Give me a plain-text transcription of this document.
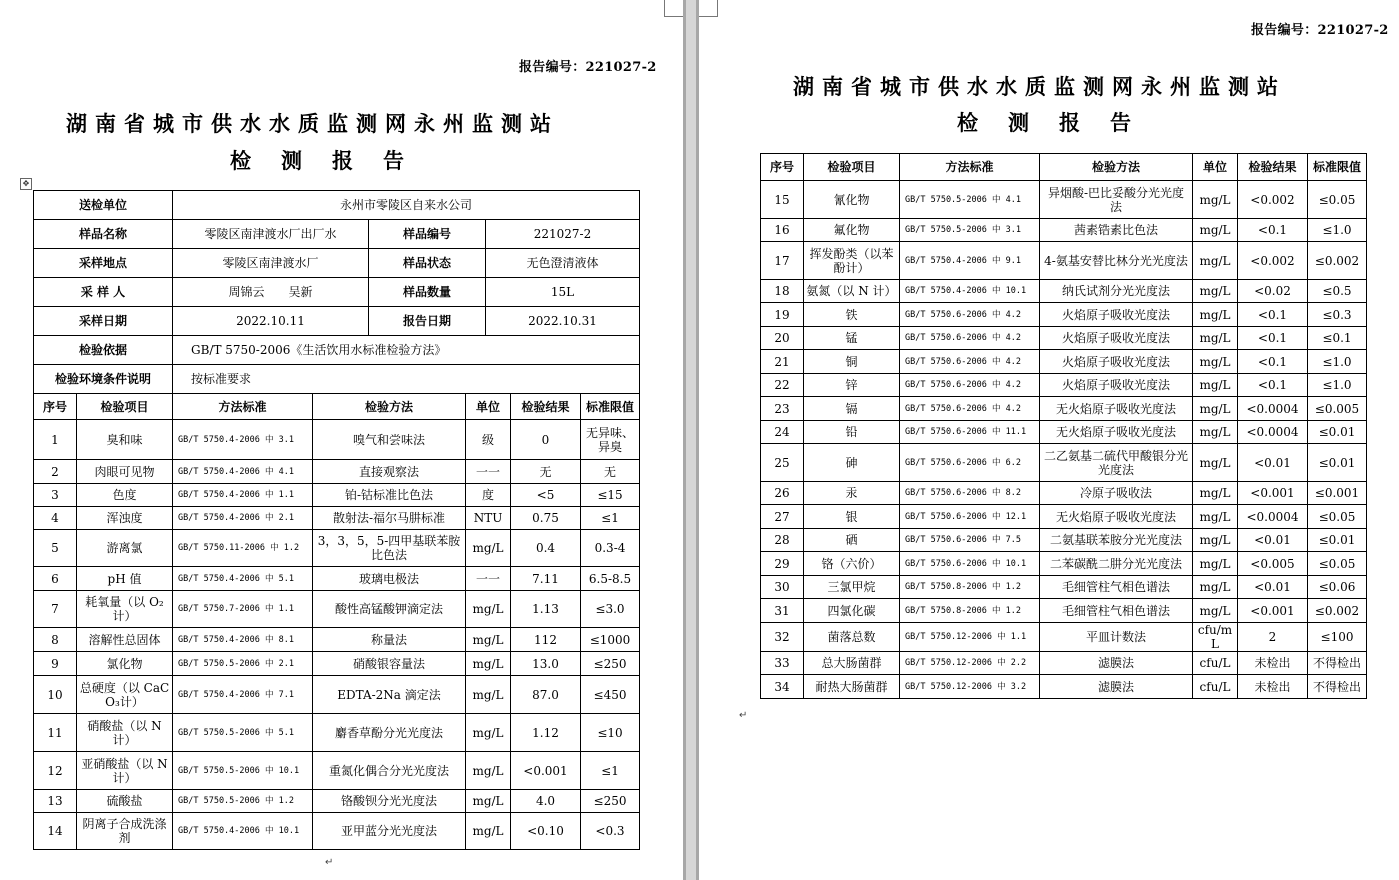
报告编号：221027-2
湖南省城市供水水质监测网永州监测站
检测报告
✥
送检单位	永州市零陵区自来水公司		
样品名称	零陵区南津渡水厂出厂水	样品编号	221027-2
采样地点	零陵区南津渡水厂	样品状态	无色澄清液体
采 样 人	周锦云　　吴新	样品数量	15L
采样日期	2022.10.11	报告日期	2022.10.31
检验依据	GB/T 5750-2006《生活饮用水标准检验方法》		
检验环境条件说明	按标准要求		
序号	检验项目	方法标准	检验方法	单位	检验结果	标准限值
1	臭和味	GB/T 5750.4-2006 中 3.1	嗅气和尝味法	级	0	无异味、异臭
2	肉眼可见物	GB/T 5750.4-2006 中 4.1	直接观察法	一一	无	无
3	色度	GB/T 5750.4-2006 中 1.1	铂-钴标准比色法	度	<5	≤15
4	浑浊度	GB/T 5750.4-2006 中 2.1	散射法-福尔马肼标准	NTU	0.75	≤1
5	游离氯	GB/T 5750.11-2006 中 1.2	3，3，5，5-四甲基联苯胺比色法	mg/L	0.4	0.3-4
6	pH 值	GB/T 5750.4-2006 中 5.1	玻璃电极法	一一	7.11	6.5-8.5
7	耗氧量（以 O₂计）	GB/T 5750.7-2006 中 1.1	酸性高锰酸钾滴定法	mg/L	1.13	≤3.0
8	溶解性总固体	GB/T 5750.4-2006 中 8.1	称量法	mg/L	112	≤1000
9	氯化物	GB/T 5750.5-2006 中 2.1	硝酸银容量法	mg/L	13.0	≤250
10	总硬度（以 CaCO₃计）	GB/T 5750.4-2006 中 7.1	EDTA-2Na 滴定法	mg/L	87.0	≤450
11	硝酸盐（以 N 计）	GB/T 5750.5-2006 中 5.1	麝香草酚分光光度法	mg/L	1.12	≤10
12	亚硝酸盐（以 N 计）	GB/T 5750.5-2006 中 10.1	重氮化偶合分光光度法	mg/L	<0.001	≤1
13	硫酸盐	GB/T 5750.5-2006 中 1.2	铬酸钡分光光度法	mg/L	4.0	≤250
14	阴离子合成洗涤剂	GB/T 5750.4-2006 中 10.1	亚甲蓝分光光度法	mg/L	<0.10	<0.3
↵
报告编号：221027-2
湖南省城市供水水质监测网永州监测站
检测报告
序号	检验项目	方法标准	检验方法	单位	检验结果	标准限值
15	氰化物	GB/T 5750.5-2006 中 4.1	异烟酸-巴比妥酸分光光度法	mg/L	<0.002	≤0.05
16	氟化物	GB/T 5750.5-2006 中 3.1	茜素锆素比色法	mg/L	<0.1	≤1.0
17	挥发酚类（以苯酚计）	GB/T 5750.4-2006 中 9.1	4-氨基安替比林分光光度法	mg/L	<0.002	≤0.002
18	氨氮（以 N 计）	GB/T 5750.4-2006 中 10.1	纳氏试剂分光光度法	mg/L	<0.02	≤0.5
19	铁	GB/T 5750.6-2006 中 4.2	火焰原子吸收光度法	mg/L	<0.1	≤0.3
20	锰	GB/T 5750.6-2006 中 4.2	火焰原子吸收光度法	mg/L	<0.1	≤0.1
21	铜	GB/T 5750.6-2006 中 4.2	火焰原子吸收光度法	mg/L	<0.1	≤1.0
22	锌	GB/T 5750.6-2006 中 4.2	火焰原子吸收光度法	mg/L	<0.1	≤1.0
23	镉	GB/T 5750.6-2006 中 4.2	无火焰原子吸收光度法	mg/L	<0.0004	≤0.005
24	铅	GB/T 5750.6-2006 中 11.1	无火焰原子吸收光度法	mg/L	<0.0004	≤0.01
25	砷	GB/T 5750.6-2006 中 6.2	二乙氨基二硫代甲酸银分光光度法	mg/L	<0.01	≤0.01
26	汞	GB/T 5750.6-2006 中 8.2	冷原子吸收法	mg/L	<0.001	≤0.001
27	银	GB/T 5750.6-2006 中 12.1	无火焰原子吸收光度法	mg/L	<0.0004	≤0.05
28	硒	GB/T 5750.6-2006 中 7.5	二氨基联苯胺分光光度法	mg/L	<0.01	≤0.01
29	铬（六价）	GB/T 5750.6-2006 中 10.1	二苯碳酰二肼分光光度法	mg/L	<0.005	≤0.05
30	三氯甲烷	GB/T 5750.8-2006 中 1.2	毛细管柱气相色谱法	mg/L	<0.01	≤0.06
31	四氯化碳	GB/T 5750.8-2006 中 1.2	毛细管柱气相色谱法	mg/L	<0.001	≤0.002
32	菌落总数	GB/T 5750.12-2006 中 1.1	平皿计数法	cfu/mL	2	≤100
33	总大肠菌群	GB/T 5750.12-2006 中 2.2	滤膜法	cfu/L	未检出	不得检出
34	耐热大肠菌群	GB/T 5750.12-2006 中 3.2	滤膜法	cfu/L	未检出	不得检出
↵
